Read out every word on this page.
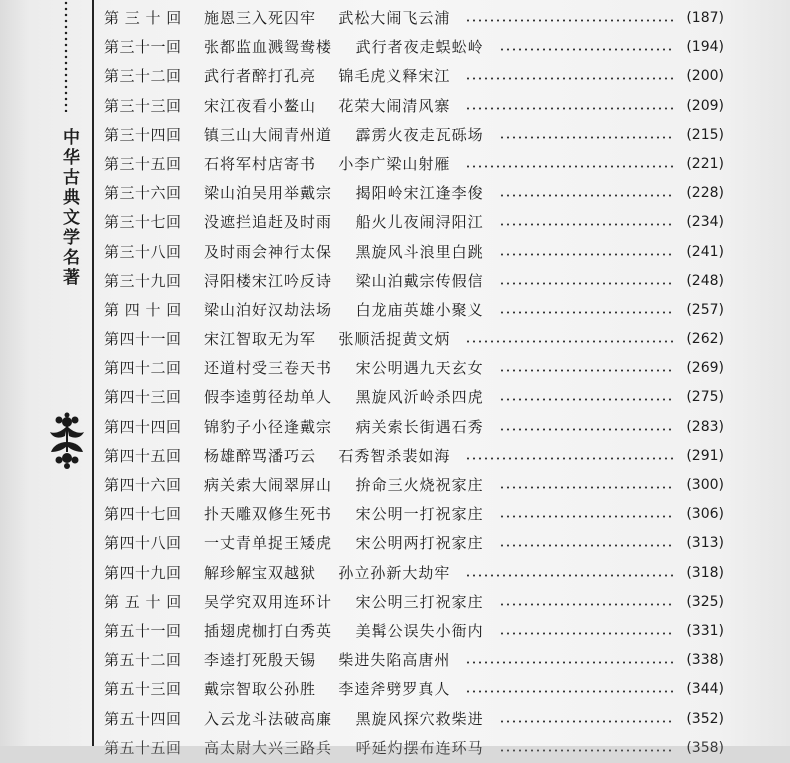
中华古典文学名著
第 三 十 回	施恩三入死囚牢 武松大闹飞云浦	(187)
第三十一回	张都监血溅鸳鸯楼 武行者夜走蜈蚣岭	(194)
第三十二回	武行者醉打孔亮 锦毛虎义释宋江	(200)
第三十三回	宋江夜看小鳌山 花荣大闹清风寨	(209)
第三十四回	镇三山大闹青州道 霹雳火夜走瓦砾场	(215)
第三十五回	石将军村店寄书 小李广梁山射雁	(221)
第三十六回	梁山泊吴用举戴宗 揭阳岭宋江逢李俊	(228)
第三十七回	没遮拦追赶及时雨 船火儿夜闹浔阳江	(234)
第三十八回	及时雨会神行太保 黑旋风斗浪里白跳	(241)
第三十九回	浔阳楼宋江吟反诗 梁山泊戴宗传假信	(248)
第 四 十 回	梁山泊好汉劫法场 白龙庙英雄小聚义	(257)
第四十一回	宋江智取无为军 张顺活捉黄文炳	(262)
第四十二回	还道村受三卷天书 宋公明遇九天玄女	(269)
第四十三回	假李逵剪径劫单人 黑旋风沂岭杀四虎	(275)
第四十四回	锦豹子小径逢戴宗 病关索长街遇石秀	(283)
第四十五回	杨雄醉骂潘巧云 石秀智杀裴如海	(291)
第四十六回	病关索大闹翠屏山 拚命三火烧祝家庄	(300)
第四十七回	扑天雕双修生死书 宋公明一打祝家庄	(306)
第四十八回	一丈青单捉王矮虎 宋公明两打祝家庄	(313)
第四十九回	解珍解宝双越狱 孙立孙新大劫牢	(318)
第 五 十 回	吴学究双用连环计 宋公明三打祝家庄	(325)
第五十一回	插翅虎枷打白秀英 美髯公误失小衙内	(331)
第五十二回	李逵打死殷天锡 柴进失陷高唐州	(338)
第五十三回	戴宗智取公孙胜 李逵斧劈罗真人	(344)
第五十四回	入云龙斗法破高廉 黑旋风探穴救柴进	(352)
第五十五回	高太尉大兴三路兵 呼延灼摆布连环马	(358)
